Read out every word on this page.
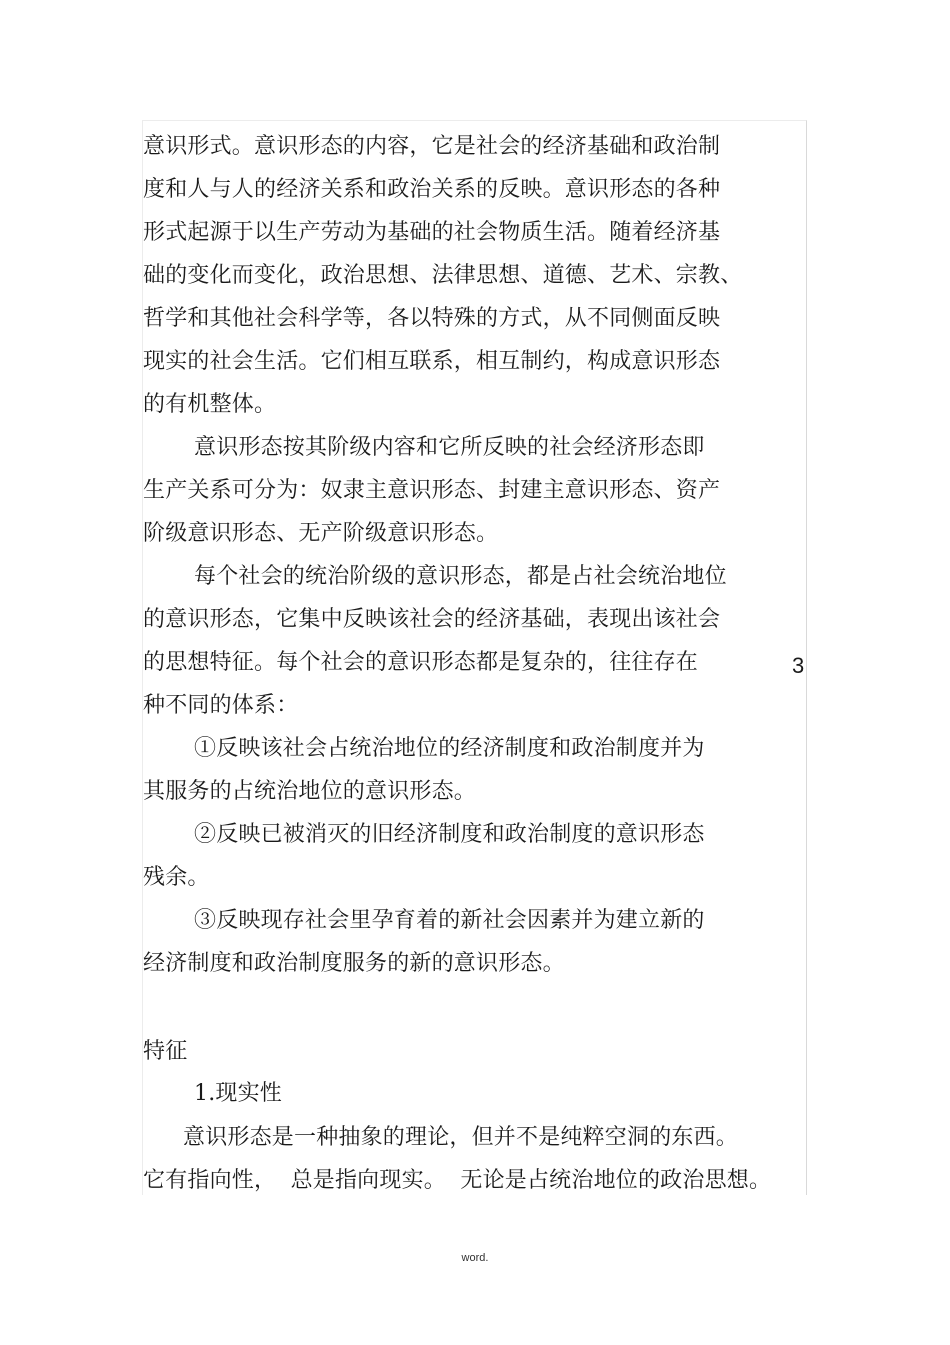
意识形式。意识形态的内容，它是社会的经济基础和政治制
度和人与人的经济关系和政治关系的反映。意识形态的各种
形式起源于以生产劳动为基础的社会物质生活。随着经济基
础的变化而变化，政治思想、法律思想、道德、艺术、宗教、
哲学和其他社会科学等，各以特殊的方式，从不同侧面反映
现实的社会生活。它们相互联系，相互制约，构成意识形态
的有机整体。
意识形态按其阶级内容和它所反映的社会经济形态即
生产关系可分为：奴隶主意识形态、封建主意识形态、资产
阶级意识形态、无产阶级意识形态。
每个社会的统治阶级的意识形态，都是占社会统治地位
的意识形态，它集中反映该社会的经济基础，表现出该社会
的思想特征。每个社会的意识形态都是复杂的，往往存在
种不同的体系：
①反映该社会占统治地位的经济制度和政治制度并为
其服务的占统治地位的意识形态。
②反映已被消灭的旧经济制度和政治制度的意识形态
残余。
③反映现存社会里孕育着的新社会因素并为建立新的
经济制度和政治制度服务的新的意识形态。
特征
1.现实性
意识形态是一种抽象的理论，但并不是纯粹空洞的东西。
它有指向性，  总是指向现实。  无论是占统治地位的政治思想。
3
word.
